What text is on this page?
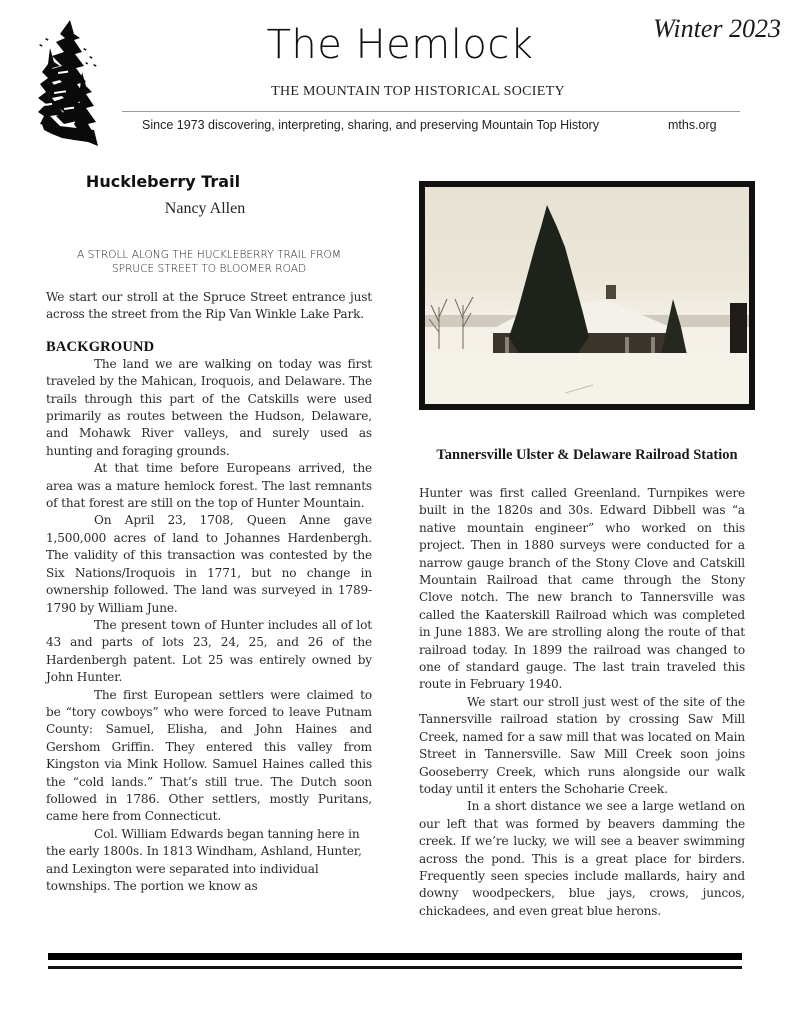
The Hemlock	Winter 2023
THE MOUNTAIN TOP HISTORICAL SOCIETY
Since 1973 discovering, interpreting, sharing, and preserving Mountain Top History	mths.org
Huckleberry Trail
Nancy Allen
A STROLL ALONG THE HUCKLEBERRY TRAIL FROM
SPRUCE STREET TO BLOOMER ROAD

We start our stroll at the Spruce Street entrance just across the street from the Rip Van Winkle Lake Park.

BACKGROUND

The land we are walking on today was first traveled by the Mahican, Iroquois, and Delaware. The trails through this part of the Catskills were used primarily as routes between the Hudson, Delaware, and Mohawk River valleys, and surely used as hunting and foraging grounds.

At that time before Europeans arrived, the area was a mature hemlock forest. The last remnants of that forest are still on the top of Hunter Mountain.

On April 23, 1708, Queen Anne gave 1,500,000 acres of land to Johannes Hardenbergh. The validity of this transaction was contested by the Six Nations/Iroquois in 1771, but no change in ownership followed. The land was surveyed in 1789-1790 by William June.

The present town of Hunter includes all of lot 43 and parts of lots 23, 24, 25, and 26 of the Hardenbergh patent. Lot 25 was entirely owned by John Hunter.

The first European settlers were claimed to be “tory cowboys” who were forced to leave Putnam County: Samuel, Elisha, and John Haines and Gershom Griffin. They entered this valley from Kingston via Mink Hollow. Samuel Haines called this the “cold lands.” That’s still true. The Dutch soon followed in 1786. Other settlers, mostly Puritans, came here from Connecticut.

Col. William Edwards began tanning here in the early 1800s. In 1813 Windham, Ashland, Hunter, and Lexington were separated into individual townships. The portion we know as

Tannersville Ulster & Delaware Railroad Station

Hunter was first called Greenland. Turnpikes were built in the 1820s and 30s. Edward Dibbell was “a native mountain engineer” who worked on this project. Then in 1880 surveys were conducted for a narrow gauge branch of the Stony Clove and Catskill Mountain Railroad that came through the Stony Clove notch. The new branch to Tannersville was called the Kaaterskill Railroad which was completed in June 1883. We are strolling along the route of that railroad today. In 1899 the railroad was changed to one of standard gauge. The last train traveled this route in February 1940.

We start our stroll just west of the site of the Tannersville railroad station by crossing Saw Mill Creek, named for a saw mill that was located on Main Street in Tannersville. Saw Mill Creek soon joins Gooseberry Creek, which runs alongside our walk today until it enters the Schoharie Creek.

In a short distance we see a large wetland on our left that was formed by beavers damming the creek. If we’re lucky, we will see a beaver swimming across the pond. This is a great place for birders. Frequently seen species include mallards, hairy and downy woodpeckers, blue jays, crows, juncos, chickadees, and even great blue herons.
